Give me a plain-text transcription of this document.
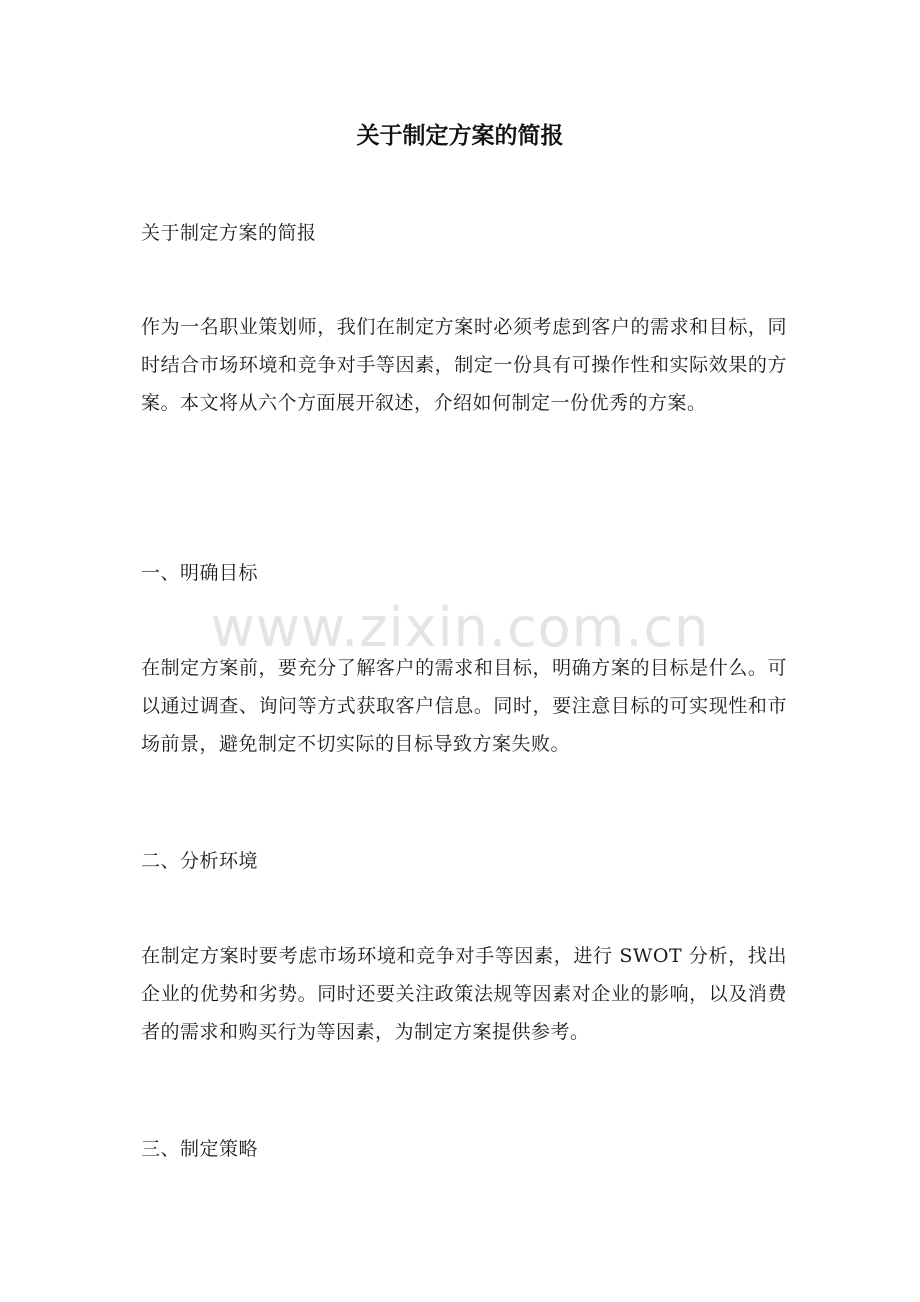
www.zixin.com.cn
关于制定方案的简报

关于制定方案的简报

作为一名职业策划师，我们在制定方案时必须考虑到客户的需求和目标，同时结合市场环境和竞争对手等因素，制定一份具有可操作性和实际效果的方案。本文将从六个方面展开叙述，介绍如何制定一份优秀的方案。

一、明确目标

在制定方案前，要充分了解客户的需求和目标，明确方案的目标是什么。可以通过调查、询问等方式获取客户信息。同时，要注意目标的可实现性和市场前景，避免制定不切实际的目标导致方案失败。

二、分析环境

在制定方案时要考虑市场环境和竞争对手等因素，进行 SWOT 分析，找出企业的优势和劣势。同时还要关注政策法规等因素对企业的影响，以及消费者的需求和购买行为等因素，为制定方案提供参考。

三、制定策略
